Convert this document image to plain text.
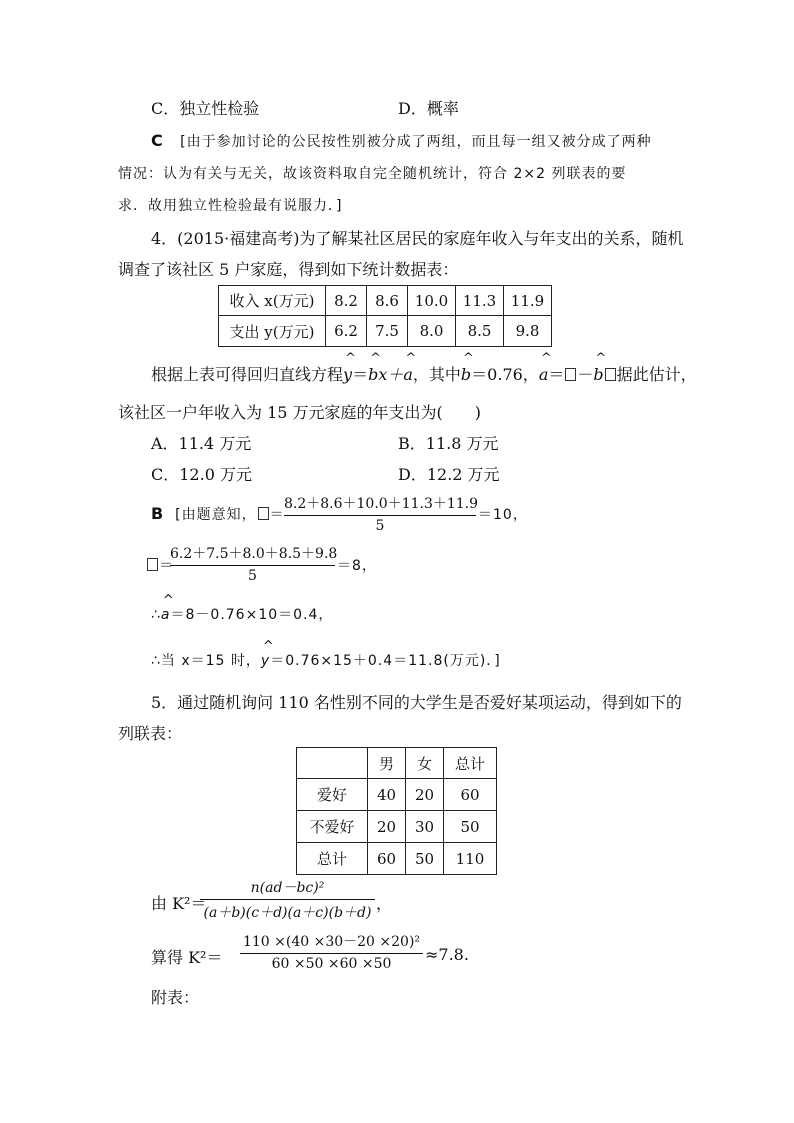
C．独立性检验	D．概率
C [由于参加讨论的公民按性别被分成了两组，而且每一组又被分成了两种
情况：认为有关与无关，故该资料取自完全随机统计，符合 2×2 列联表的要
求．故用独立性检验最有说服力．]
4．(2015·福建高考)为了解某社区居民的家庭年收入与年支出的关系，随机
调查了该社区 5 户家庭，得到如下统计数据表：
收入 x(万元)	8.2	8.6	10.0	11.3	11.9
支出 y(万元)	6.2	7.5	8.0	8.5	9.8
根据上表可得回归直线方程^ y＝^ bx＋^ a，其中^ b＝0.76，^ a＝ －^ b 据此估计，
该社区一户年收入为 15 万元家庭的年支出为(　　)
A．11.4 万元	B．11.8 万元
C．12.0 万元	D．12.2 万元
B [由题意知， ＝
8.2＋8.6＋10.0＋11.3＋11.9
5
＝10，
＝
6.2＋7.5＋8.0＋8.5＋9.8
5
＝8，
∴^ a＝8－0.76×10＝0.4，
∴当 x＝15 时，^ y＝0.76×15＋0.4＝11.8(万元)．]
5．通过随机询问 110 名性别不同的大学生是否爱好某项运动，得到如下的
列联表：
	男	女	总计
爱好	40	20	60
不爱好	20	30	50
总计	60	50	110
由 K²＝
n(ad－bc)²
(a＋b)(c＋d)(a＋c)(b＋d) ，
算得 K²＝
110 ×(40 ×30－20 ×20)²
60 ×50 ×60 ×50	≈7.8.
附表：
